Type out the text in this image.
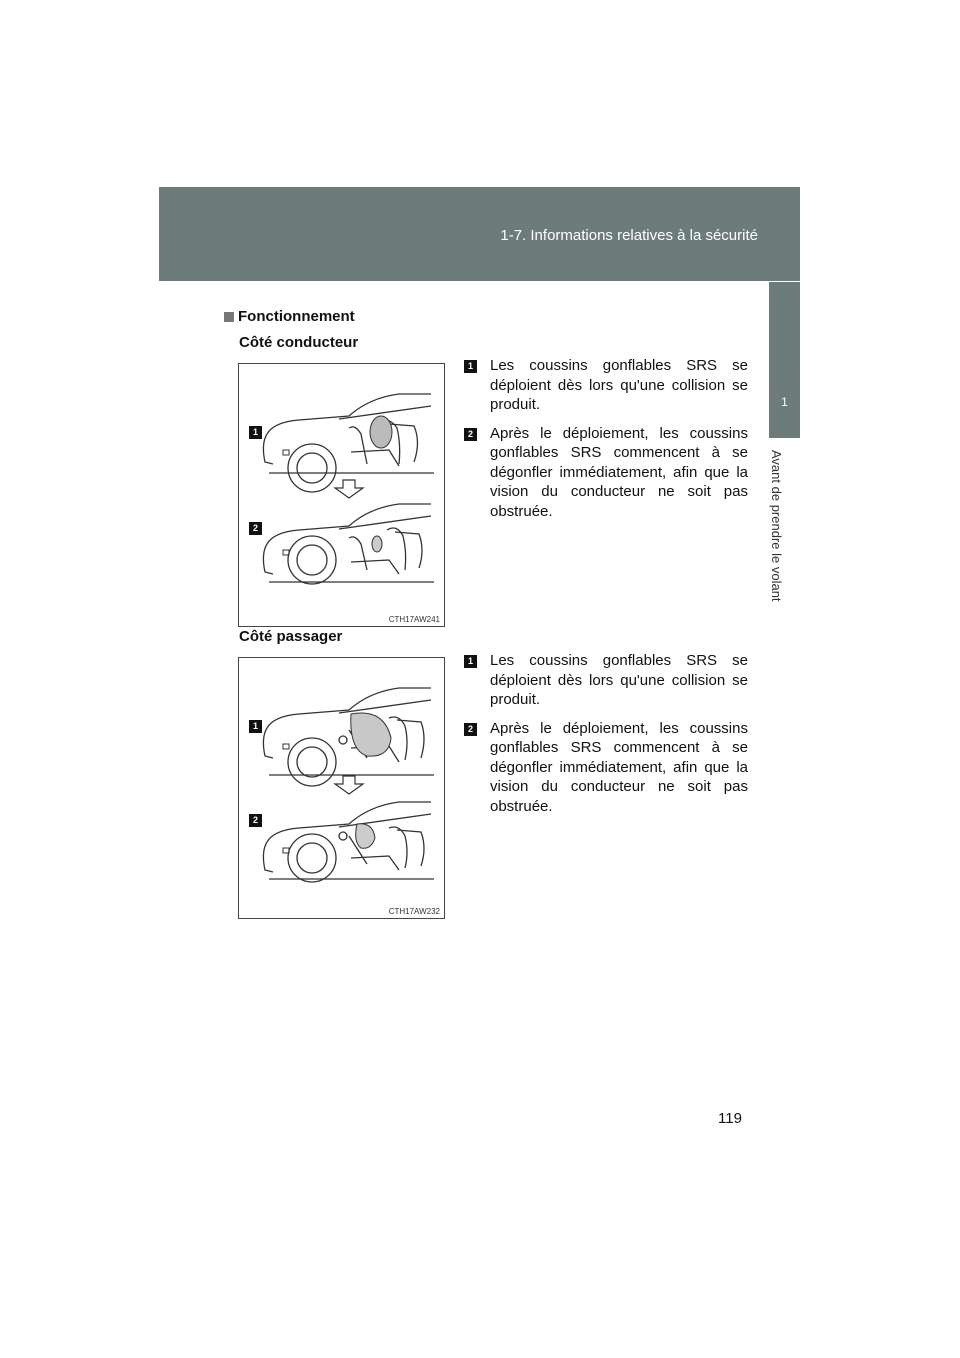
1-7. Informations relatives à la sécurité
1
Avant de prendre le volant
Fonctionnement
Côté conducteur
1
2
CTH17AW241
1 Les coussins gonflables SRS se déploient dès lors qu'une collision se produit.
2 Après le déploiement, les coussins gonflables SRS commencent à se dégonfler immédiatement, afin que la vision du conducteur ne soit pas obstruée.
Côté passager
1
2
CTH17AW232
1 Les coussins gonflables SRS se déploient dès lors qu'une collision se produit.
2 Après le déploiement, les coussins gonflables SRS commencent à se dégonfler immédiatement, afin que la vision du conducteur ne soit pas obstruée.
119
